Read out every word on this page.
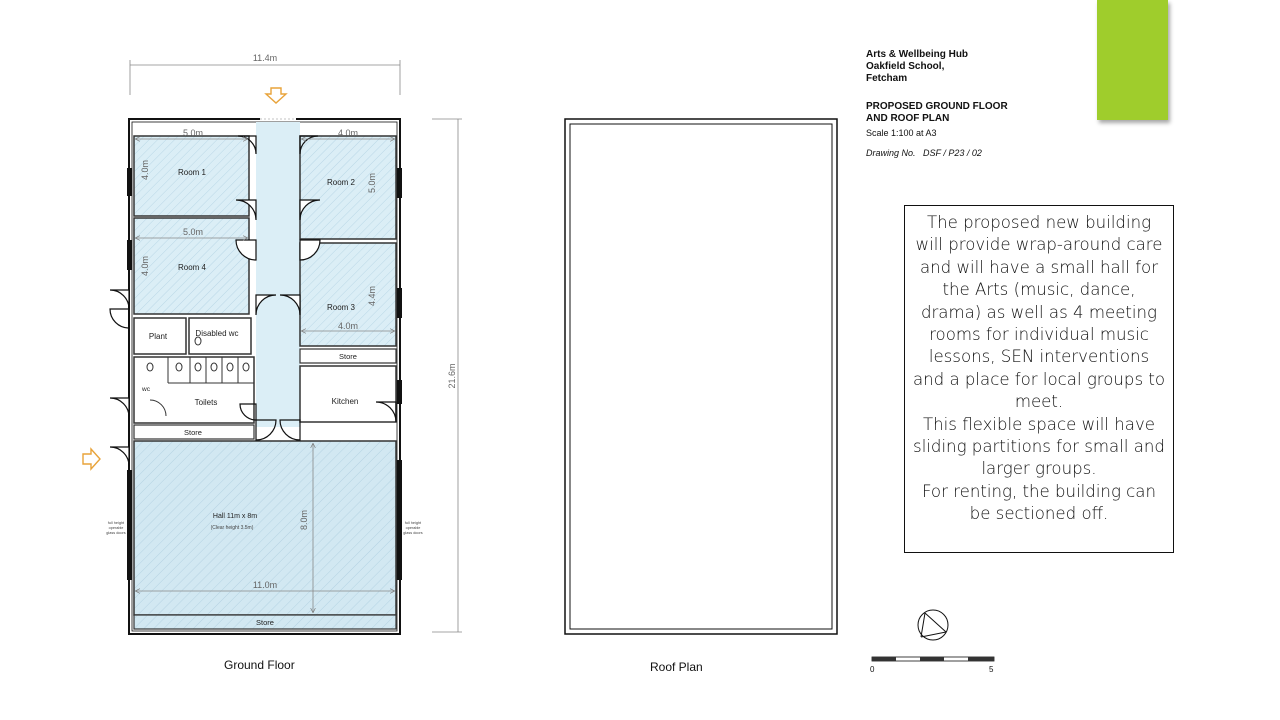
Arts & Wellbeing Hub
Oakfield School,
Fetcham
PROPOSED GROUND FLOOR
AND ROOF PLAN
Scale 1:100 at A3
Drawing No.   DSF / P23 / 02

The proposed new building will provide wrap-around care and will have a small hall for the Arts (music, dance, drama) as well as 4 meeting rooms for individual music lessons, SEN interventions and a place for local groups to meet.

This flexible space will have sliding partitions for small and larger groups.

For renting, the building can be sectioned off.

Ground Floor	Roof Plan	0	5
11.4m
21.6m
5.0m
4.0m
4.0m
5.0m
5.0m
4.0m
4.4m
4.0m
8.0m
11.0m
Room 1
Room 2
Room 4
Room 3
Plant	Disabled wc
wc
Toilets
Store
Kitchen
Store
Hall 11m x 8m
(Clear height 3.5m)
Store
full height
operable
glass doors
full height
operable
glass doors
